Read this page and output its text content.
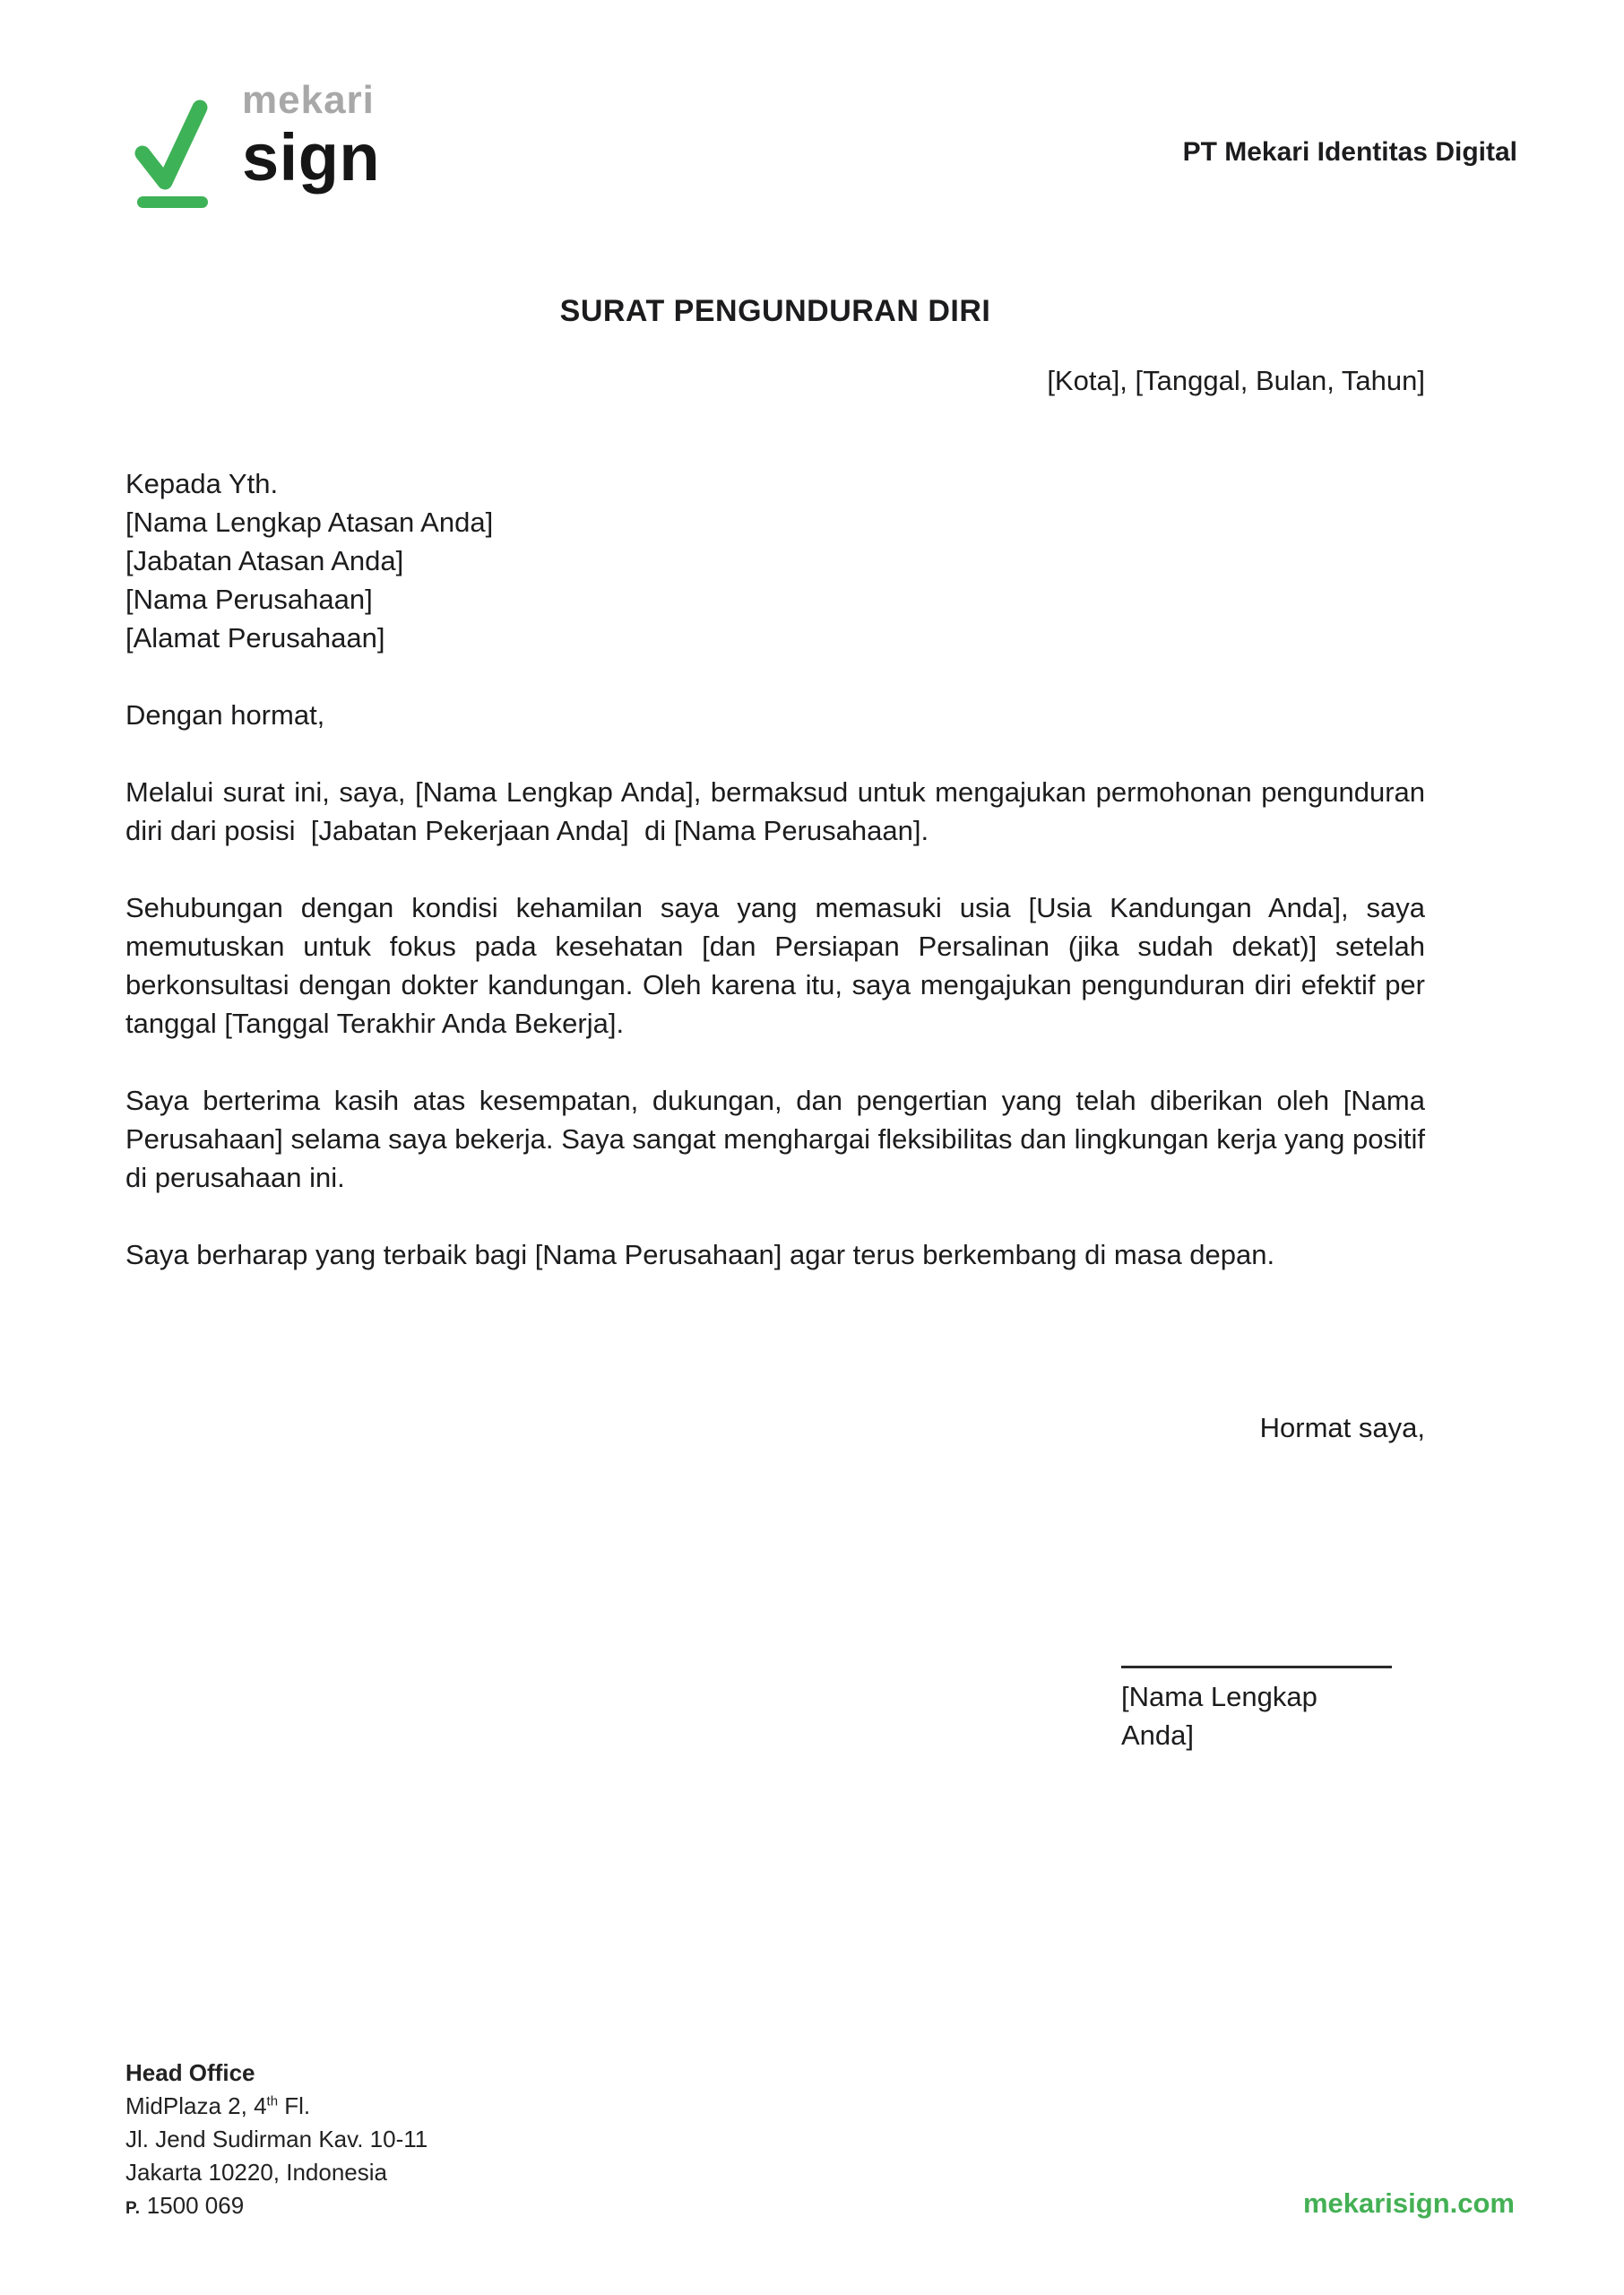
mekari
sign	PT Mekari Identitas Digital
SURAT PENGUNDURAN DIRI
[Kota], [Tanggal, Bulan, Tahun]
Kepada Yth.
[Nama Lengkap Atasan Anda]
[Jabatan Atasan Anda]
[Nama Perusahaan]
[Alamat Perusahaan]

Dengan hormat,

Melalui surat ini, saya, [Nama Lengkap Anda], bermaksud untuk mengajukan permohonan pengunduran diri dari posisi  [Jabatan Pekerjaan Anda]  di [Nama Perusahaan].

Sehubungan dengan kondisi kehamilan saya yang memasuki usia [Usia Kandungan Anda], saya memutuskan untuk fokus pada kesehatan [dan Persiapan Persalinan (jika sudah dekat)] setelah berkonsultasi dengan dokter kandungan. Oleh karena itu, saya mengajukan pengunduran diri efektif per tanggal [Tanggal Terakhir Anda Bekerja].

Saya berterima kasih atas kesempatan, dukungan, dan pengertian yang telah diberikan oleh [Nama Perusahaan] selama saya bekerja. Saya sangat menghargai fleksibilitas dan lingkungan kerja yang positif di perusahaan ini.

Saya berharap yang terbaik bagi [Nama Perusahaan] agar terus berkembang di masa depan.

Hormat saya,
[Nama Lengkap Anda]
Head Office
MidPlaza 2, 4th Fl.
Jl. Jend Sudirman Kav. 10-11
Jakarta 10220, Indonesia
P. 1500 069	mekarisign.com
